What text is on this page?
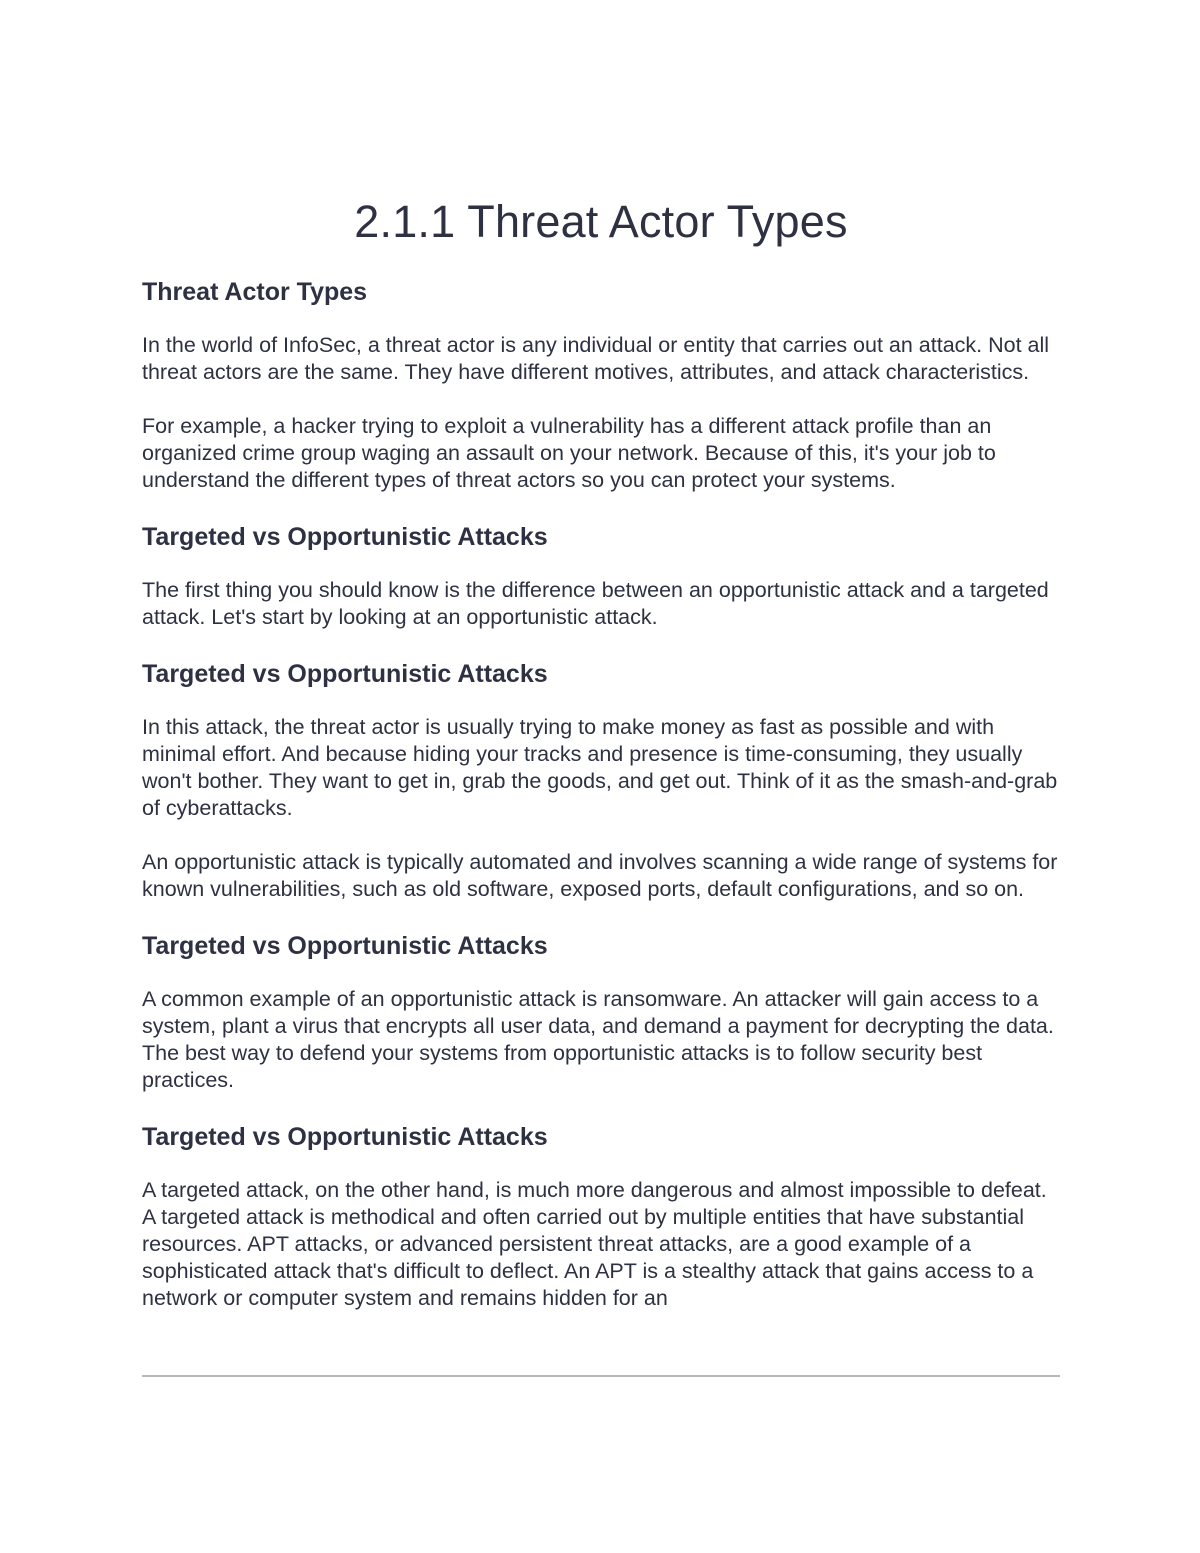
2.1.1 Threat Actor Types
Threat Actor Types

In the world of InfoSec, a threat actor is any individual or entity that carries out an attack. Not all threat actors are the same. They have different motives, attributes, and attack characteristics.

For example, a hacker trying to exploit a vulnerability has a different attack profile than an organized crime group waging an assault on your network. Because of this, it's your job to understand the different types of threat actors so you can protect your systems.

Targeted vs Opportunistic Attacks

The first thing you should know is the difference between an opportunistic attack and a targeted attack. Let's start by looking at an opportunistic attack.

Targeted vs Opportunistic Attacks

In this attack, the threat actor is usually trying to make money as fast as possible and with minimal effort. And because hiding your tracks and presence is time-consuming, they usually won't bother. They want to get in, grab the goods, and get out. Think of it as the smash-and-grab of cyberattacks.

An opportunistic attack is typically automated and involves scanning a wide range of systems for known vulnerabilities, such as old software, exposed ports, default configurations, and so on.

Targeted vs Opportunistic Attacks

A common example of an opportunistic attack is ransomware. An attacker will gain access to a system, plant a virus that encrypts all user data, and demand a payment for decrypting the data. The best way to defend your systems from opportunistic attacks is to follow security best practices.

Targeted vs Opportunistic Attacks

A targeted attack, on the other hand, is much more dangerous and almost impossible to defeat. A targeted attack is methodical and often carried out by multiple entities that have substantial resources. APT attacks, or advanced persistent threat attacks, are a good example of a sophisticated attack that's difficult to deflect. An APT is a stealthy attack that gains access to a network or computer system and remains hidden for an
